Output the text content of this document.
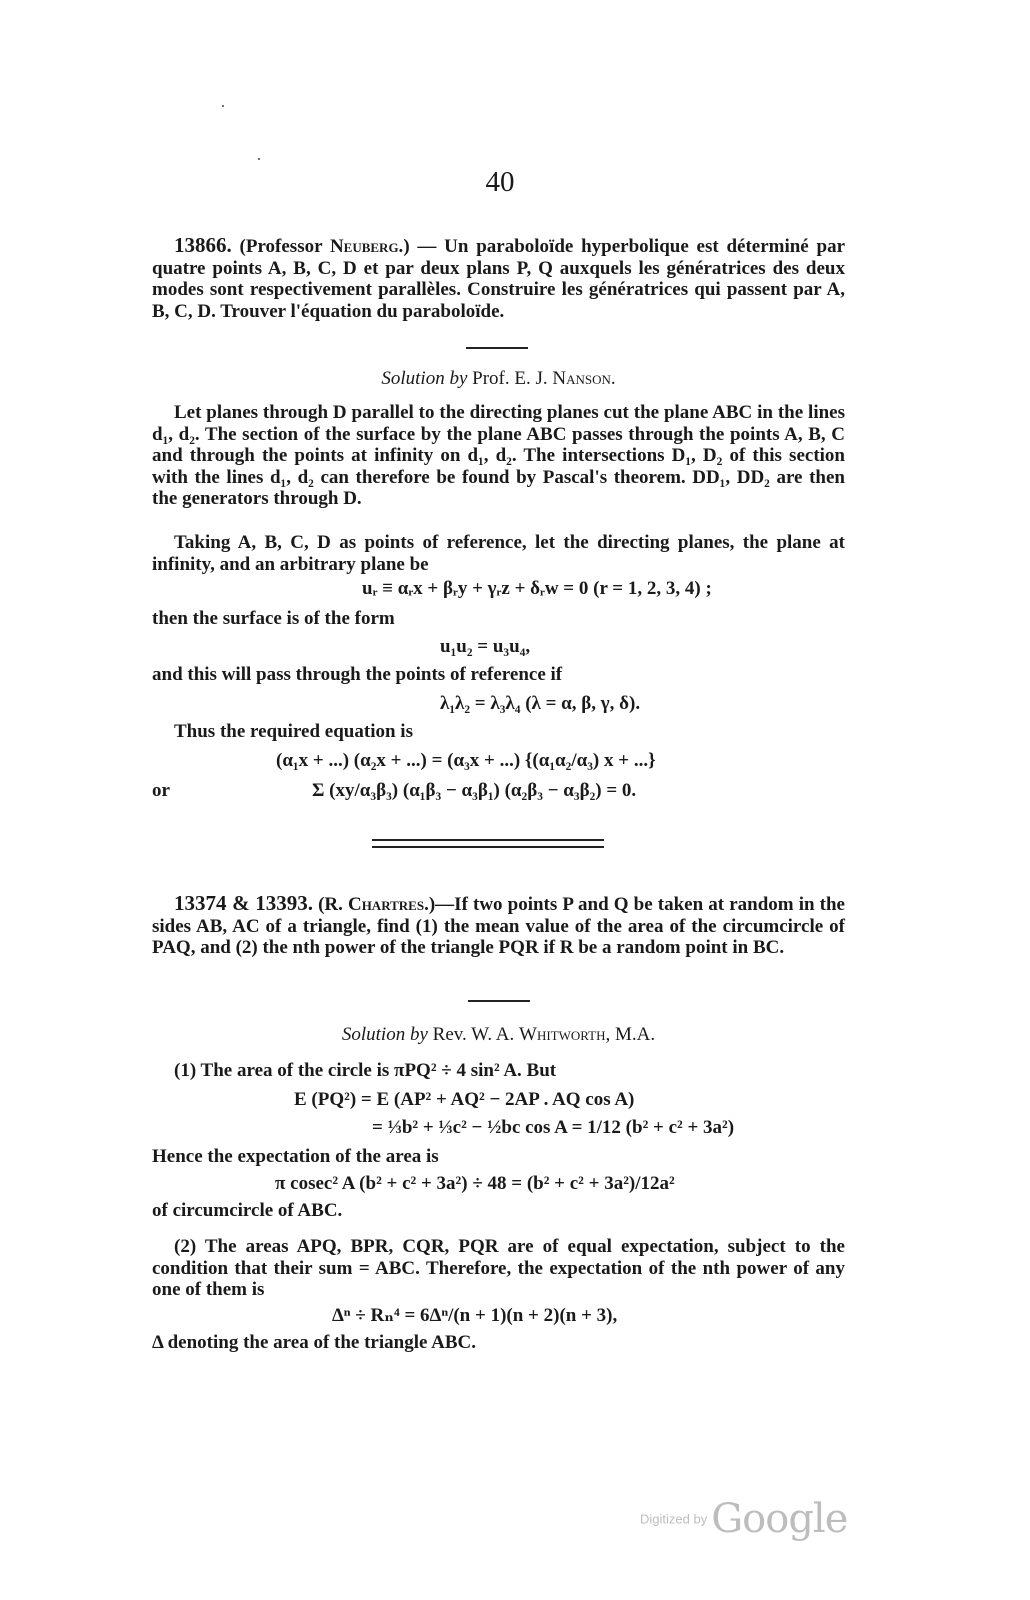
40
13866. (Professor Neuberg.) — Un paraboloïde hyperbolique est déterminé par quatre points A, B, C, D et par deux plans P, Q auxquels les génératrices des deux modes sont respectivement parallèles. Construire les génératrices qui passent par A, B, C, D. Trouver l'équation du paraboloïde.
Solution by Prof. E. J. Nanson.
Let planes through D parallel to the directing planes cut the plane ABC in the lines d₁, d₂. The section of the surface by the plane ABC passes through the points A, B, C and through the points at infinity on d₁, d₂. The intersections D₁, D₂ of this section with the lines d₁, d₂ can therefore be found by Pascal's theorem. DD₁, DD₂ are then the generators through D.
Taking A, B, C, D as points of reference, let the directing planes, the plane at infinity, and an arbitrary plane be
uᵣ ≡ αᵣx + βᵣy + γᵣz + δᵣw = 0 (r = 1, 2, 3, 4) ;
then the surface is of the form
u₁u₂ = u₃u₄,
and this will pass through the points of reference if
λ₁λ₂ = λ₃λ₄ (λ = α, β, γ, δ).
Thus the required equation is
(α₁x + ...) (α₂x + ...) = (α₃x + ...) {(α₁α₂/α₃) x + ...}
or	Σ (xy/α₃β₃) (α₁β₃ − α₃β₁) (α₂β₃ − α₃β₂) = 0.
13374 & 13393. (R. Chartres.)—If two points P and Q be taken at random in the sides AB, AC of a triangle, find (1) the mean value of the area of the circumcircle of PAQ, and (2) the nth power of the triangle PQR if R be a random point in BC.
Solution by Rev. W. A. Whitworth, M.A.
(1) The area of the circle is πPQ² ÷ 4 sin² A. But
E (PQ²) = E (AP² + AQ² − 2AP . AQ cos A)
= ⅓b² + ⅓c² − ½bc cos A = 1/12 (b² + c² + 3a²)
Hence the expectation of the area is
π cosec² A (b² + c² + 3a²) ÷ 48 = (b² + c² + 3a²)/12a²
of circumcircle of ABC.
(2) The areas APQ, BPR, CQR, PQR are of equal expectation, subject to the condition that their sum = ABC. Therefore, the expectation of the nth power of any one of them is
Δⁿ ÷ Rₙ⁴ = 6Δⁿ/(n + 1)(n + 2)(n + 3),
Δ denoting the area of the triangle ABC.
Digitized by Google
